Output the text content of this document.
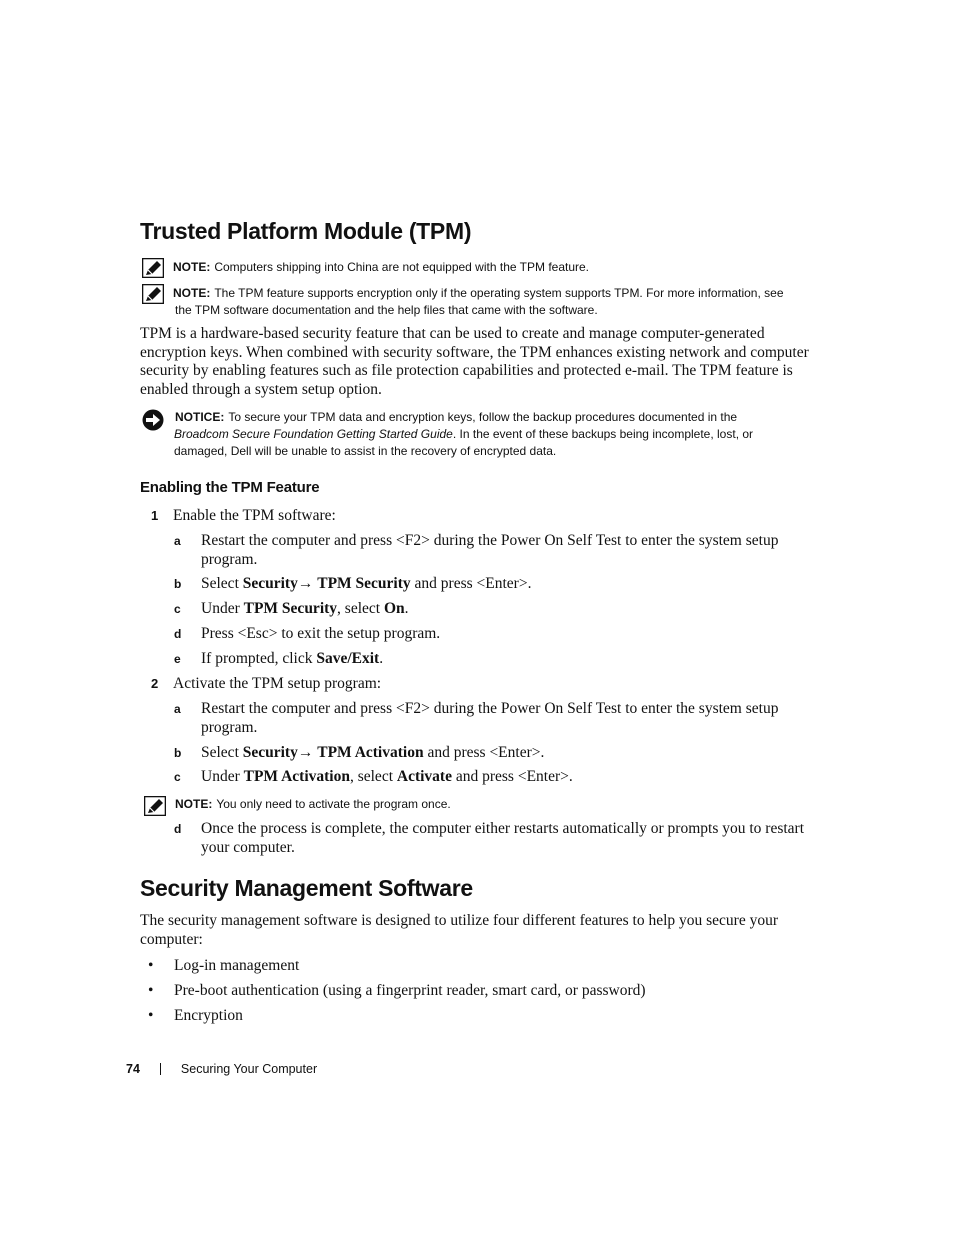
Trusted Platform Module (TPM)
NOTE: Computers shipping into China are not equipped with the TPM feature.
NOTE: The TPM feature supports encryption only if the operating system supports TPM. For more information, see
the TPM software documentation and the help files that came with the software.

TPM is a hardware-based security feature that can be used to create and manage computer-generated encryption keys. When combined with security software, the TPM enhances existing network and computer security by enabling features such as file protection capabilities and protected e-mail. The TPM feature is enabled through a system setup option.

NOTICE: To secure your TPM data and encryption keys, follow the backup procedures documented in the
Broadcom Secure Foundation Getting Started Guide. In the event of these backups being incomplete, lost, or
damaged, Dell will be unable to assist in the recovery of encrypted data.
Enabling the TPM Feature
1 Enable the TPM software:
a Restart the computer and press <F2> during the Power On Self Test to enter the system setup program.
b Select Security→ TPM Security and press <Enter>.
c Under TPM Security, select On.
d Press <Esc> to exit the setup program.
e If prompted, click Save/Exit.
2 Activate the TPM setup program:
a Restart the computer and press <F2> during the Power On Self Test to enter the system setup program.
b Select Security→ TPM Activation and press <Enter>.
c Under TPM Activation, select Activate and press <Enter>.
NOTE: You only need to activate the program once.
d Once the process is complete, the computer either restarts automatically or prompts you to restart your computer.
Security Management Software

The security management software is designed to utilize four different features to help you secure your computer:

• Log-in management
• Pre-boot authentication (using a fingerprint reader, smart card, or password)
• Encryption
74	Securing Your Computer
